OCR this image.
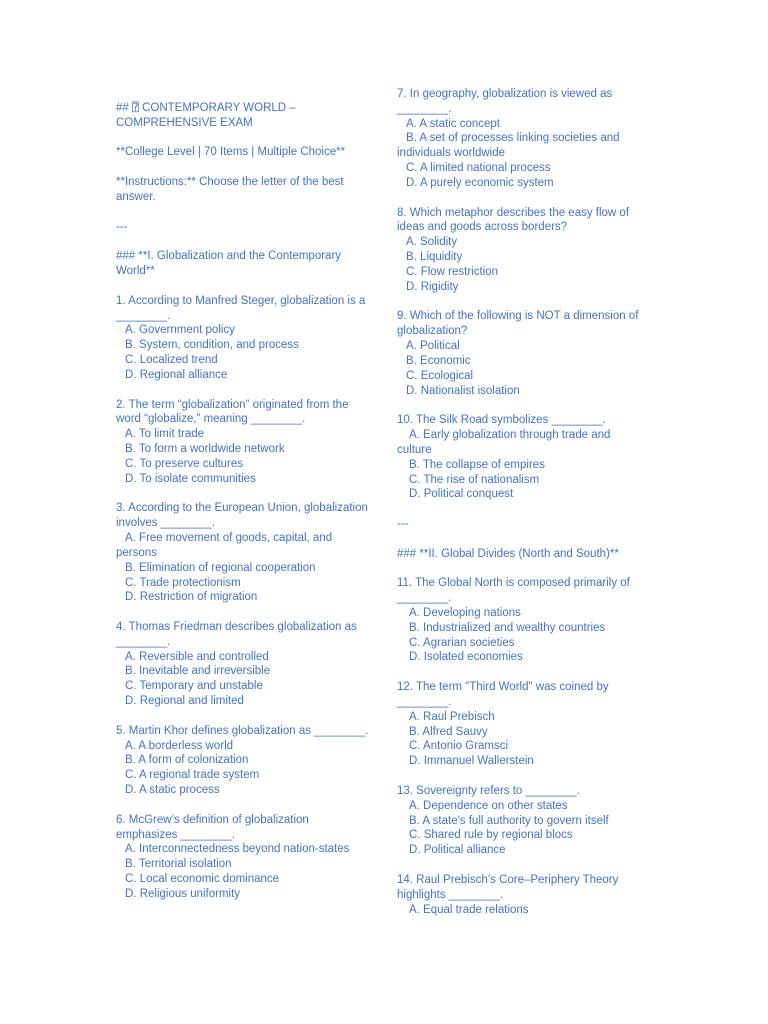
## ⍰ CONTEMPORARY WORLD – COMPREHENSIVE EXAM

**College Level | 70 Items | Multiple Choice**

**Instructions:** Choose the letter of the best answer.

---

### **I. Globalization and the Contemporary World**

1. According to Manfred Steger, globalization is a ________.

A. Government policy

B. System, condition, and process

C. Localized trend

D. Regional alliance

2. The term “globalization” originated from the word “globalize,” meaning ________.

A. To limit trade

B. To form a worldwide network

C. To preserve cultures

D. To isolate communities

3. According to the European Union, globalization involves ________.

A. Free movement of goods, capital, and persons

B. Elimination of regional cooperation

C. Trade protectionism

D. Restriction of migration

4. Thomas Friedman describes globalization as ________.

A. Reversible and controlled

B. Inevitable and irreversible

C. Temporary and unstable

D. Regional and limited

5. Martin Khor defines globalization as ________.

A. A borderless world

B. A form of colonization

C. A regional trade system

D. A static process

6. McGrew’s definition of globalization emphasizes ________.

A. Interconnectedness beyond nation-states

B. Territorial isolation

C. Local economic dominance

D. Religious uniformity

7. In geography, globalization is viewed as ________.

A. A static concept

B. A set of processes linking societies and individuals worldwide

C. A limited national process

D. A purely economic system

8. Which metaphor describes the easy flow of ideas and goods across borders?

A. Solidity

B. Liquidity

C. Flow restriction

D. Rigidity

9. Which of the following is NOT a dimension of globalization?

A. Political

B. Economic

C. Ecological

D. Nationalist isolation

10. The Silk Road symbolizes ________.

A. Early globalization through trade and culture

B. The collapse of empires

C. The rise of nationalism

D. Political conquest

---

### **II. Global Divides (North and South)**

11. The Global North is composed primarily of ________.

A. Developing nations

B. Industrialized and wealthy countries

C. Agrarian societies

D. Isolated economies

12. The term "Third World" was coined by ________.

A. Raul Prebisch

B. Alfred Sauvy

C. Antonio Gramsci

D. Immanuel Wallerstein

13. Sovereignty refers to ________.

A. Dependence on other states

B. A state's full authority to govern itself

C. Shared rule by regional blocs

D. Political alliance

14. Raul Prebisch’s Core–Periphery Theory highlights ________.

A. Equal trade relations
